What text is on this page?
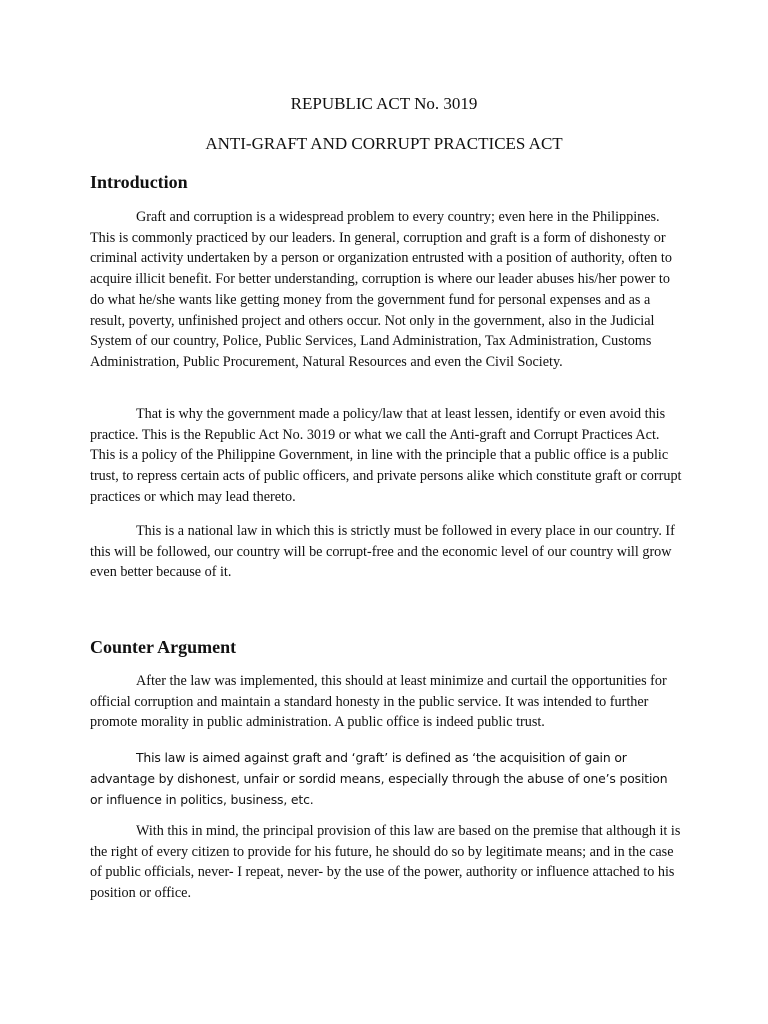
REPUBLIC ACT No. 3019
ANTI-GRAFT AND CORRUPT PRACTICES ACT
Introduction

Graft and corruption is a widespread problem to every country; even here in the Philippines. This is commonly practiced by our leaders. In general, corruption and graft is a form of dishonesty or criminal activity undertaken by a person or organization entrusted with a position of authority, often to acquire illicit benefit. For better understanding, corruption is where our leader abuses his/her power to do what he/she wants like getting money from the government fund for personal expenses and as a result, poverty, unfinished project and others occur. Not only in the government, also in the Judicial System of our country, Police, Public Services, Land Administration, Tax Administration, Customs Administration, Public Procurement, Natural Resources and even the Civil Society.

That is why the government made a policy/law that at least lessen, identify or even avoid this practice. This is the Republic Act No. 3019 or what we call the Anti-graft and Corrupt Practices Act. This is a policy of the Philippine Government, in line with the principle that a public office is a public trust, to repress certain acts of public officers, and private persons alike which constitute graft or corrupt practices or which may lead thereto.

This is a national law in which this is strictly must be followed in every place in our country. If this will be followed, our country will be corrupt-free and the economic level of our country will grow even better because of it.

Counter Argument

After the law was implemented, this should at least minimize and curtail the opportunities for official corruption and maintain a standard honesty in the public service. It was intended to further promote morality in public administration. A public office is indeed public trust.

This law is aimed against graft and ‘graft’ is defined as ‘the acquisition of gain or advantage by dishonest, unfair or sordid means, especially through the abuse of one’s position or influence in politics, business, etc.

With this in mind, the principal provision of this law are based on the premise that although it is the right of every citizen to provide for his future, he should do so by legitimate means; and in the case of public officials, never- I repeat, never- by the use of the power, authority or influence attached to his position or office.
